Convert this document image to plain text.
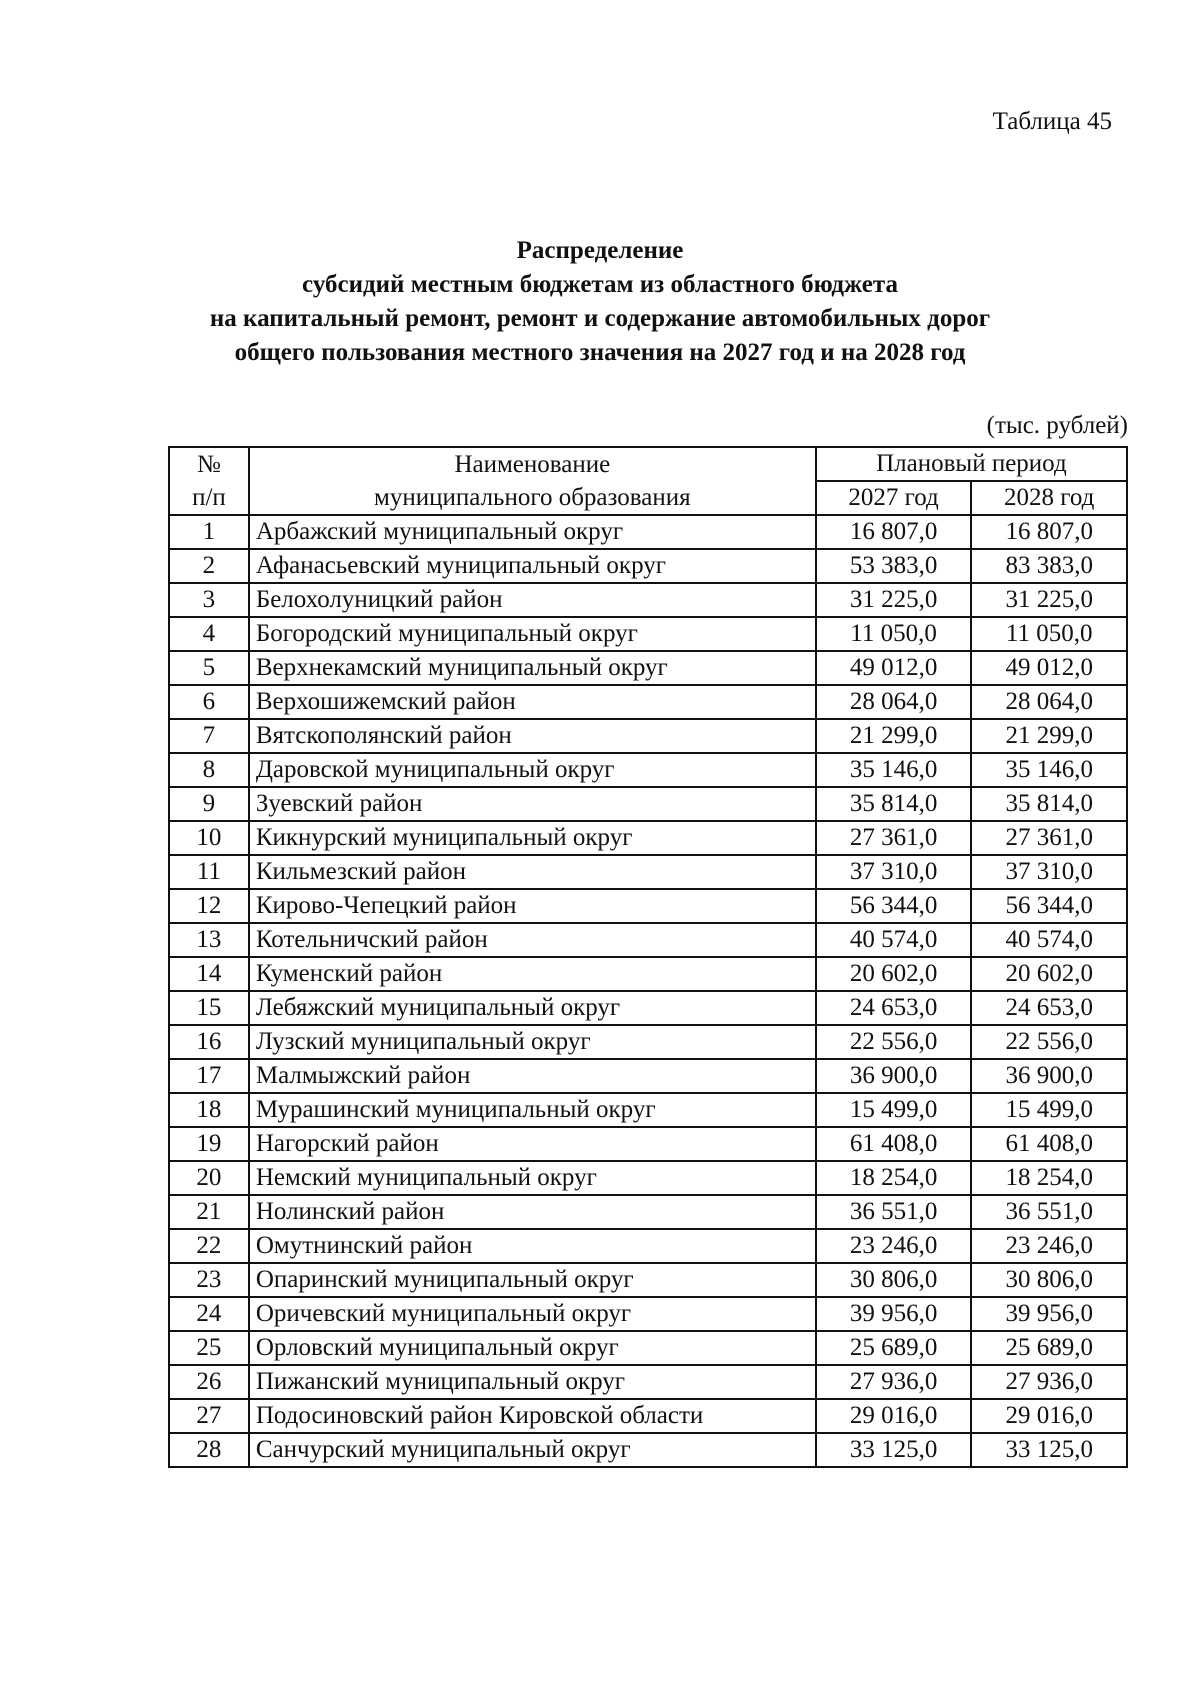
Таблица 45
Распределение
субсидий местным бюджетам из областного бюджета
на капитальный ремонт, ремонт и содержание автомобильных дорог
общего пользования местного значения на 2027 год и на 2028 год
(тыс. рублей)
№	Наименование	Плановый период	
п/п	муниципального образования	2027 год	2028 год
1	Арбажский муниципальный округ	16 807,0	16 807,0
2	Афанасьевский муниципальный округ	53 383,0	83 383,0
3	Белохолуницкий район	31 225,0	31 225,0
4	Богородский муниципальный округ	11 050,0	11 050,0
5	Верхнекамский муниципальный округ	49 012,0	49 012,0
6	Верхошижемский район	28 064,0	28 064,0
7	Вятскополянский район	21 299,0	21 299,0
8	Даровской муниципальный округ	35 146,0	35 146,0
9	Зуевский район	35 814,0	35 814,0
10	Кикнурский муниципальный округ	27 361,0	27 361,0
11	Кильмезский район	37 310,0	37 310,0
12	Кирово-Чепецкий район	56 344,0	56 344,0
13	Котельничский район	40 574,0	40 574,0
14	Куменский район	20 602,0	20 602,0
15	Лебяжский муниципальный округ	24 653,0	24 653,0
16	Лузский муниципальный округ	22 556,0	22 556,0
17	Малмыжский район	36 900,0	36 900,0
18	Мурашинский муниципальный округ	15 499,0	15 499,0
19	Нагорский район	61 408,0	61 408,0
20	Немский муниципальный округ	18 254,0	18 254,0
21	Нолинский район	36 551,0	36 551,0
22	Омутнинский район	23 246,0	23 246,0
23	Опаринский муниципальный округ	30 806,0	30 806,0
24	Оричевский муниципальный округ	39 956,0	39 956,0
25	Орловский муниципальный округ	25 689,0	25 689,0
26	Пижанский муниципальный округ	27 936,0	27 936,0
27	Подосиновский район Кировской области	29 016,0	29 016,0
28	Санчурский муниципальный округ	33 125,0	33 125,0
